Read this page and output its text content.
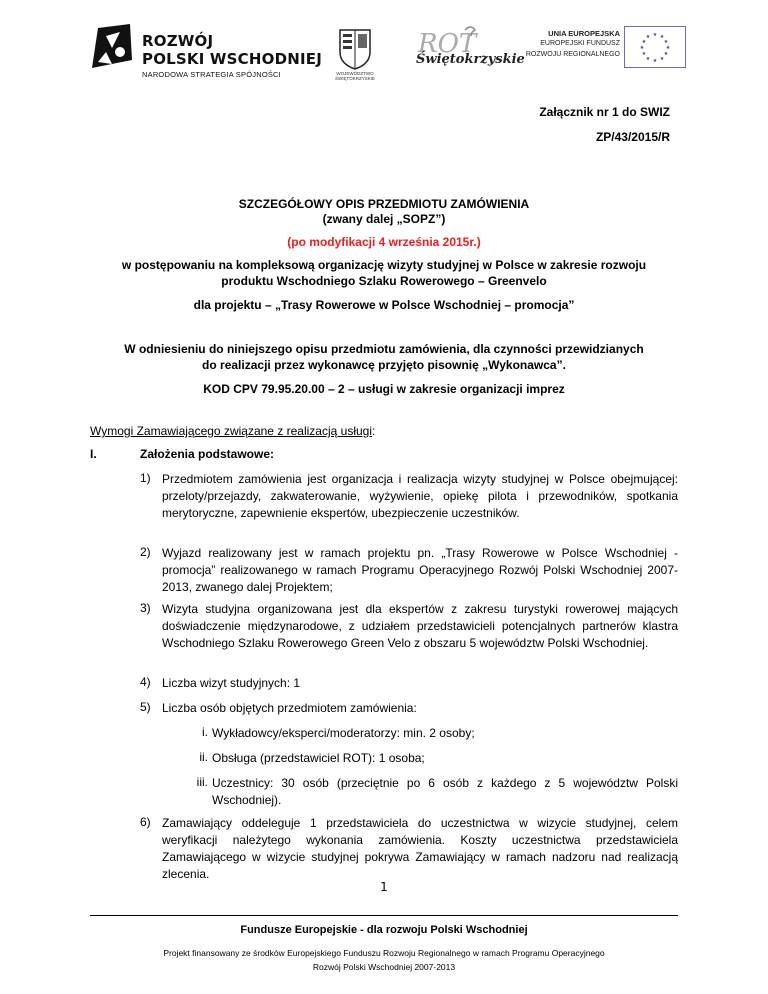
ROZWÓJ
POLSKI WSCHODNIEJ
NARODOWA STRATEGIA SPÓJNOŚCI	WOJEWÓDZTWO ŚWIĘTOKRZYSKIE
ROT
Świętokrzyskie
UNIA EUROPEJSKA
EUROPEJSKI FUNDUSZ
ROZWOJU REGIONALNEGO
★ ★
★
★
★
★
★
★
★
★
★
★
Załącznik nr 1 do SWIZ
ZP/43/2015/R
SZCZEGÓŁOWY OPIS PRZEDMIOTU ZAMÓWIENIA
(zwany dalej „SOPZ”)
(po modyfikacji 4 września 2015r.)
w postępowaniu na kompleksową organizację wizyty studyjnej w Polsce w zakresie rozwoju
produktu Wschodniego Szlaku Rowerowego – Greenvelo
dla projektu – „Trasy Rowerowe w Polsce Wschodniej – promocja”
W odniesieniu do niniejszego opisu przedmiotu zamówienia, dla czynności przewidzianych
do realizacji przez wykonawcę przyjęto pisownię „Wykonawca”.
KOD CPV 79.95.20.00 – 2 – usługi w zakresie organizacji imprez
Wymogi Zamawiającego związane z realizacją usługi:
I.	Założenia podstawowe:
1) Przedmiotem zamówienia jest organizacja i realizacja wizyty studyjnej w Polsce obejmującej: przeloty/przejazdy, zakwaterowanie, wyżywienie, opiekę pilota i przewodników, spotkania merytoryczne, zapewnienie ekspertów, ubezpieczenie uczestników.
2) Wyjazd realizowany jest w ramach projektu pn. „Trasy Rowerowe w Polsce Wschodniej - promocja” realizowanego w ramach Programu Operacyjnego Rozwój Polski Wschodniej 2007-2013, zwanego dalej Projektem;
3) Wizyta studyjna organizowana jest dla ekspertów z zakresu turystyki rowerowej mających doświadczenie międzynarodowe, z udziałem przedstawicieli potencjalnych partnerów klastra Wschodniego Szlaku Rowerowego Green Velo z obszaru 5 województw Polski Wschodniej.
4) Liczba wizyt studyjnych: 1
5) Liczba osób objętych przedmiotem zamówienia:
i. Wykładowcy/eksperci/moderatorzy: min. 2 osoby;
ii. Obsługa (przedstawiciel ROT): 1 osoba;
iii. Uczestnicy: 30 osób (przeciętnie po 6 osób z każdego z 5 województw Polski Wschodniej).
6) Zamawiający oddeleguje 1 przedstawiciela do uczestnictwa w wizycie studyjnej, celem weryfikacji należytego wykonania zamówienia. Koszty uczestnictwa przedstawiciela Zamawiającego w wizycie studyjnej pokrywa Zamawiający w ramach nadzoru nad realizacją zlecenia.
1
Fundusze Europejskie - dla rozwoju Polski Wschodniej
Projekt finansowany ze środków Europejskiego Funduszu Rozwoju Regionalnego w ramach Programu Operacyjnego
Rozwój Polski Wschodniej 2007-2013
